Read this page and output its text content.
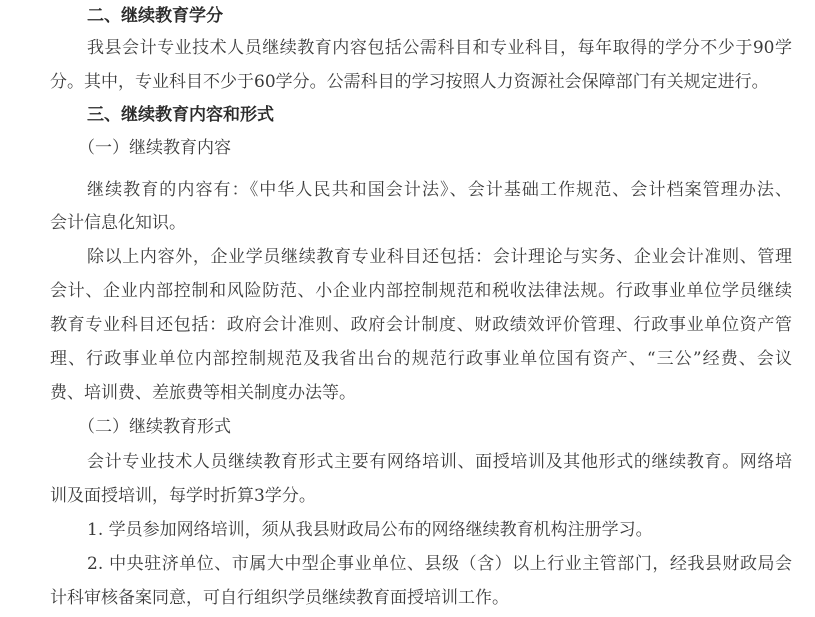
二、继续教育学分
我县会计专业技术人员继续教育内容包括公需科目和专业科目，每年取得的学分不少于90学
分。其中，专业科目不少于60学分。公需科目的学习按照人力资源社会保障部门有关规定进行。
三、继续教育内容和形式
（一）继续教育内容
继续教育的内容有：《中华人民共和国会计法》、会计基础工作规范、会计档案管理办法、
会计信息化知识。
除以上内容外，企业学员继续教育专业科目还包括：会计理论与实务、企业会计准则、管理
会计、企业内部控制和风险防范、小企业内部控制规范和税收法律法规。行政事业单位学员继续
教育专业科目还包括：政府会计准则、政府会计制度、财政绩效评价管理、行政事业单位资产管
理、行政事业单位内部控制规范及我省出台的规范行政事业单位国有资产、“三公”经费、会议
费、培训费、差旅费等相关制度办法等。
（二）继续教育形式
会计专业技术人员继续教育形式主要有网络培训、面授培训及其他形式的继续教育。网络培
训及面授培训，每学时折算3学分。
1. 学员参加网络培训，须从我县财政局公布的网络继续教育机构注册学习。
2. 中央驻济单位、市属大中型企事业单位、县级（含）以上行业主管部门，经我县财政局会
计科审核备案同意，可自行组织学员继续教育面授培训工作。
